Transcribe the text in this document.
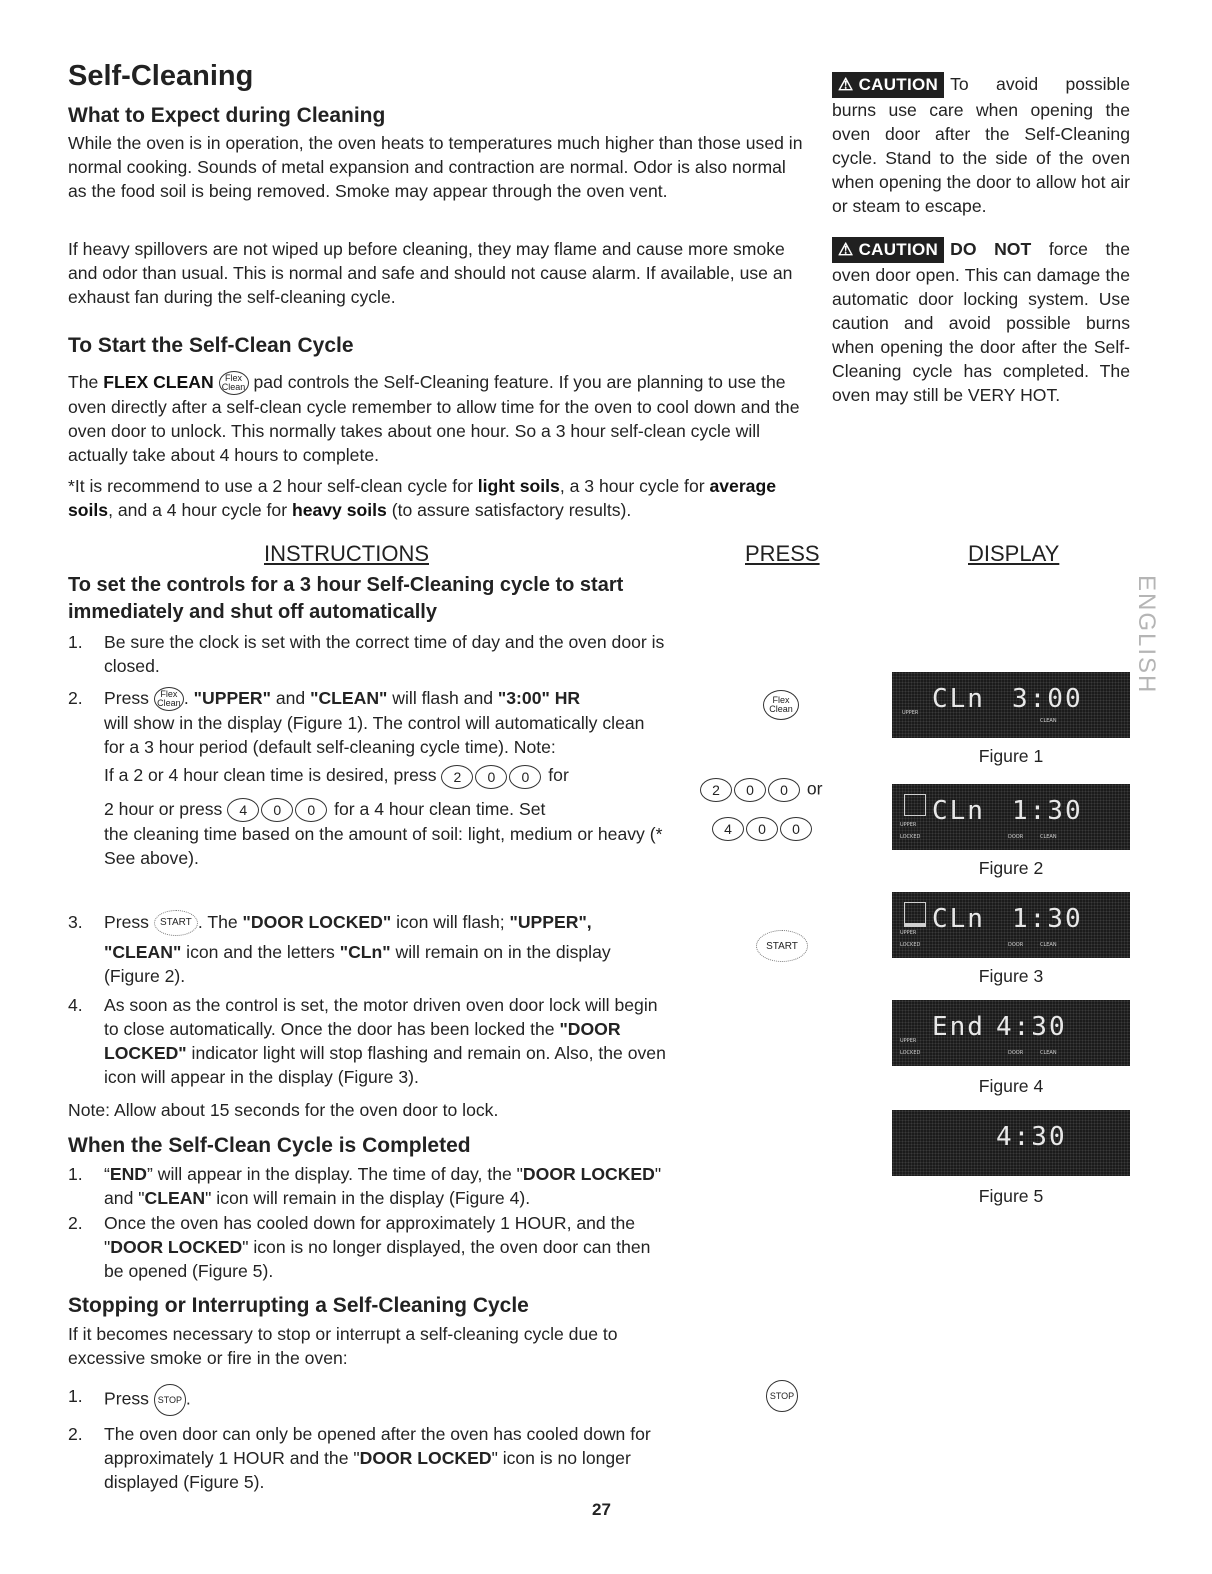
Self-Cleaning
What to Expect during Cleaning

While the oven is in operation, the oven heats to temperatures much higher than those used in normal cooking. Sounds of metal expansion and contraction are normal. Odor is also normal as the food soil is being removed. Smoke may appear through the oven vent.

If heavy spillovers are not wiped up before cleaning, they may flame and cause more smoke and odor than usual. This is normal and safe and should not cause alarm. If available, use an exhaust fan during the self-cleaning cycle.

To Start the Self-Clean Cycle

The FLEX CLEAN Flex
Clean pad controls the Self-Cleaning feature. If you are planning to use the oven directly after a self-clean cycle remember to allow time for the oven to cool down and the oven door to unlock. This normally takes about one hour. So a 3 hour self-clean cycle will actually take about 4 hours to complete.

*It is recommend to use a 2 hour self-clean cycle for light soils, a 3 hour cycle for average soils, and a 4 hour cycle for heavy soils (to assure satisfactory results).

⚠ CAUTION To avoid possible burns use care when opening the oven door after the Self-Cleaning cycle. Stand to the side of the oven when opening the door to allow hot air or steam to escape.
⚠ CAUTION DO NOT force the oven door open. This can damage the automatic door locking system. Use caution and avoid possible burns when opening the door after the Self-Cleaning cycle has completed. The oven may still be VERY HOT.
INSTRUCTIONS	PRESS	DISPLAY
To set the controls for a 3 hour Self-Cleaning cycle to start immediately and shut off automatically
1. Be sure the clock is set with the correct time of day and the oven door is closed.
2. Press Flex
Clean . "UPPER" and "CLEAN" will flash and "3:00" HR
will show in the display (Figure 1). The control will automatically clean for a 3 hour period (default self-cleaning cycle time). Note:
If a 2 or 4 hour clean time is desired, press 2 0 0 for
2 hour or press 4 0 0 for a 4 hour clean time. Set
the cleaning time based on the amount of soil: light, medium or heavy (* See above).
3. Press START . The "DOOR LOCKED" icon will flash; "UPPER",
"CLEAN" icon and the letters "CLn" will remain on in the display (Figure 2).
4. As soon as the control is set, the motor driven oven door lock will begin to close automatically. Once the door has been locked the "DOOR LOCKED" indicator light will stop flashing and remain on. Also, the oven icon will appear in the display (Figure 3).

Note: Allow about 15 seconds for the oven door to lock.

When the Self-Clean Cycle is Completed
1. “END” will appear in the display. The time of day, the "DOOR LOCKED" and "CLEAN" icon will remain in the display (Figure 4).
2. Once the oven has cooled down for approximately 1 HOUR, and the "DOOR LOCKED" icon is no longer displayed, the oven door can then be opened (Figure 5).
Stopping or Interrupting a Self-Cleaning Cycle

If it becomes necessary to stop or interrupt a self-cleaning cycle due to excessive smoke or fire in the oven:

1. Press STOP .
2. The oven door can only be opened after the oven has cooled down for approximately 1 HOUR and the "DOOR LOCKED" icon is no longer displayed (Figure 5).
Flex
Clean
2 0 0 or
4 0 0
START
STOP
CLn 3:00
UPPER
CLEAN
Figure 1
CLn 1:30
UPPER
LOCKED	DOOR	CLEAN
Figure 2
CLn 1:30
UPPER
LOCKED	DOOR	CLEAN
Figure 3
End 4:30
UPPER
LOCKED	DOOR	CLEAN
Figure 4
4:30
Figure 5
ENGLISH
27
